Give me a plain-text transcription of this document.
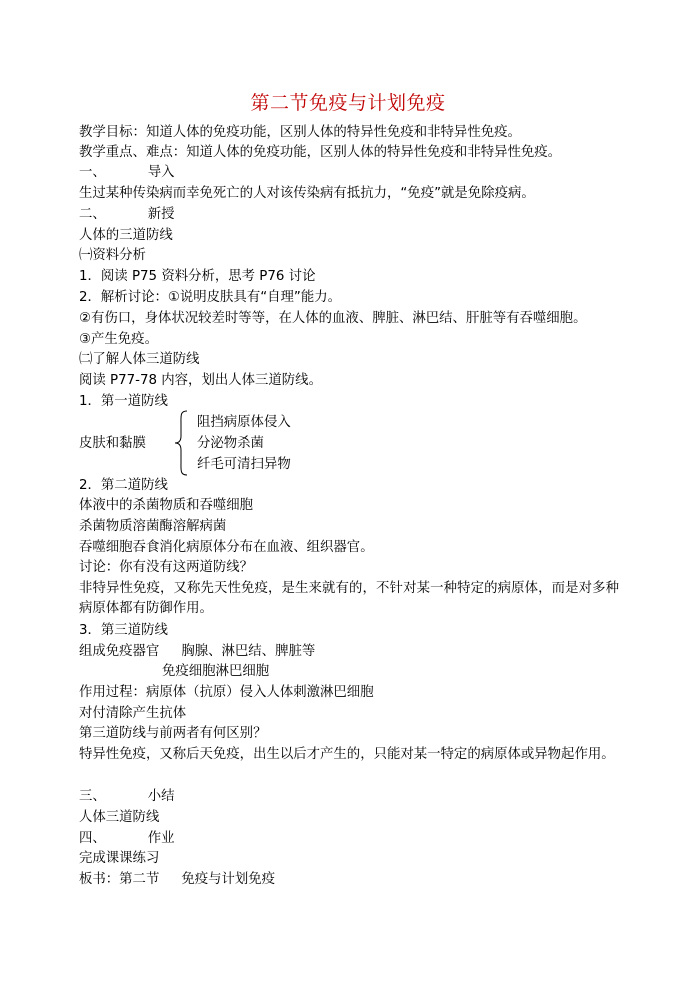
第二节免疫与计划免疫
教学目标：知道人体的免疫功能，区别人体的特异性免疫和非特异性免疫。
教学重点、难点：知道人体的免疫功能，区别人体的特异性免疫和非特异性免疫。
一、	导入
生过某种传染病而幸免死亡的人对该传染病有抵抗力，“免疫”就是免除疫病。
二、	新授
人体的三道防线
㈠资料分析
1．阅读 P75 资料分析，思考 P76 讨论
2．解析讨论：①说明皮肤具有“自理”能力。
②有伤口，身体状况较差时等等，在人体的血液、脾脏、淋巴结、肝脏等有吞噬细胞。
③产生免疫。
㈡了解人体三道防线
阅读 P77-78 内容，划出人体三道防线。
1．第一道防线
皮肤和黏膜
阻挡病原体侵入
分泌物杀菌
纤毛可清扫异物
2．第二道防线
体液中的杀菌物质和吞噬细胞
杀菌物质溶菌酶溶解病菌
吞噬细胞吞食消化病原体分布在血液、组织器官。
讨论：你有没有这两道防线？
非特异性免疫，又称先天性免疫，是生来就有的，不针对某一种特定的病原体，而是对多种病原体都有防御作用。
3．第三道防线
组成免疫器官 胸腺、淋巴结、脾脏等
免疫细胞淋巴细胞
作用过程：病原体（抗原）侵入人体刺激淋巴细胞
对付清除产生抗体
第三道防线与前两者有何区别？
特异性免疫，又称后天免疫，出生以后才产生的，只能对某一特定的病原体或异物起作用。
三、	小结
人体三道防线
四、	作业
完成课课练习
板书：第二节 免疫与计划免疫
